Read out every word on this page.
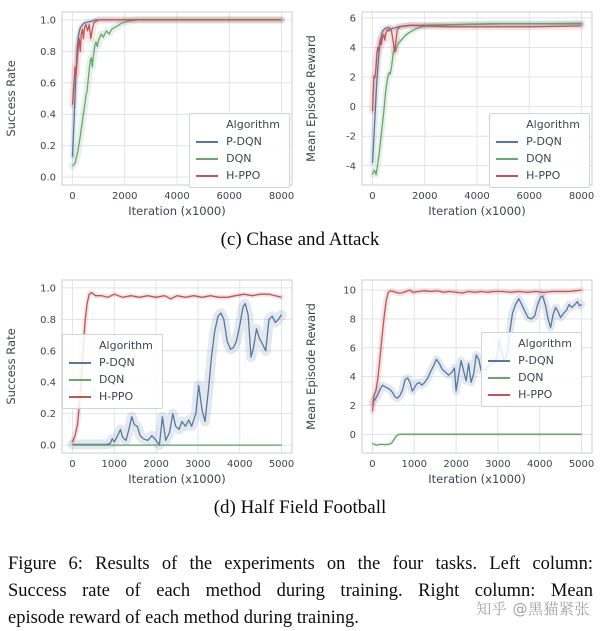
0	2000	4000	6000	8000
0.0
0.2
0.4
0.6
0.8
1.0
Iteration (x1000)
Success Rate	Algorithm
P-DQN
DQN
H-PPO
0	2000	4000	6000	8000
-4
-2
0
2
4
6
Iteration (x1000)
Mean Episode Reward	Algorithm
P-DQN
DQN
H-PPO
(c) Chase and Attack
0	1000 2000 3000 4000 5000
0.0
0.2
0.4
0.6
0.8
1.0
Iteration (x1000)
Success Rate	Algorithm
P-DQN
DQN
H-PPO
0	1000 2000 3000 4000 5000
0
2
4
6
8
10
Iteration (x1000)
Mean Episode Reward	Algorithm
P-DQN
DQN
H-PPO
(d) Half Field Football
Figure 6: Results of the experiments on the four tasks. Left column:
Success rate of each method during training. Right column: Mean
episode reward of each method during training.	知乎 @黑猫紧张
